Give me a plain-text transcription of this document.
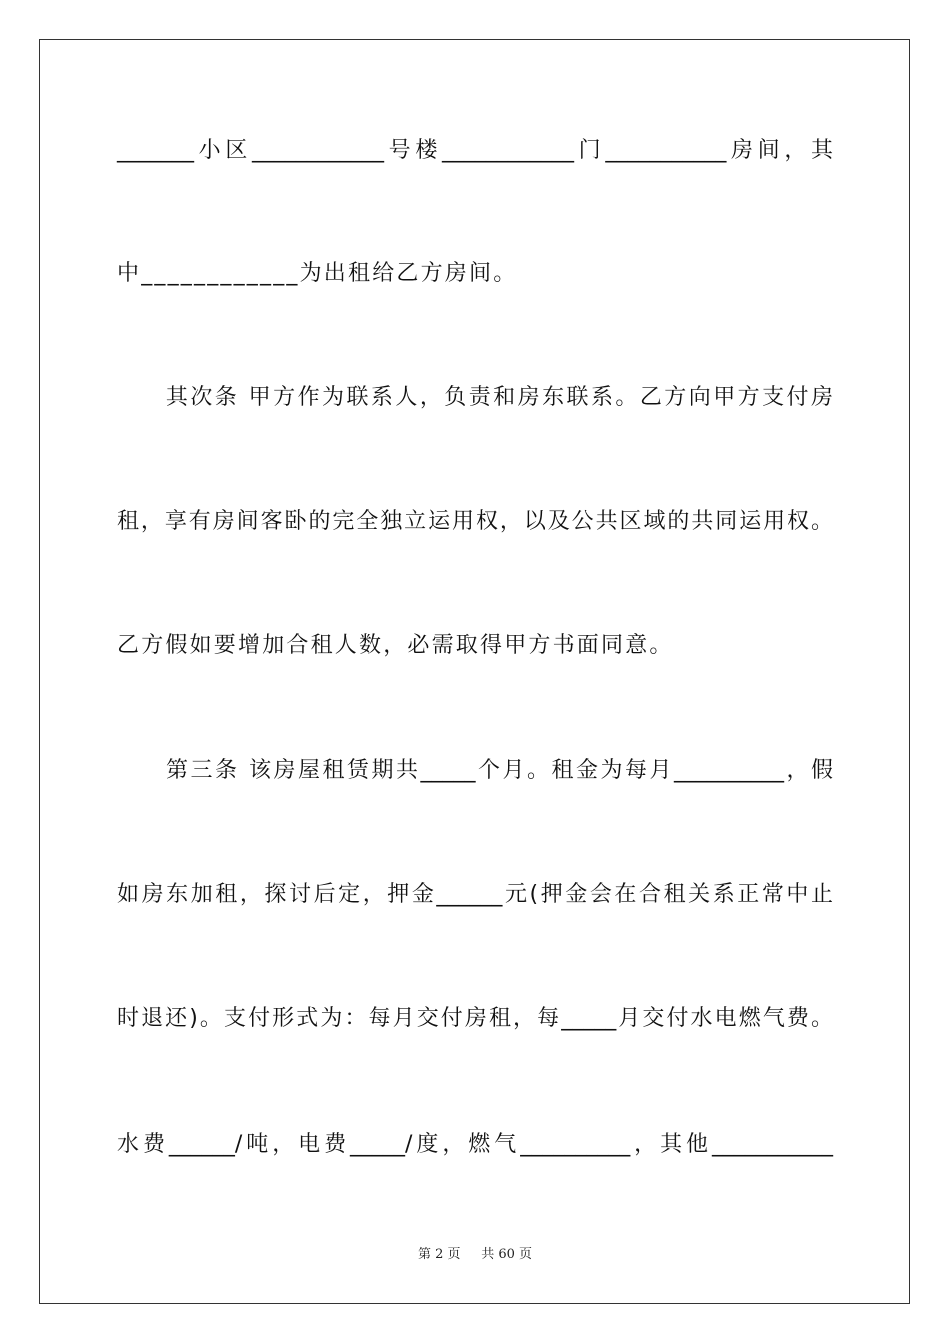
_______小区____________号楼____________门___________房间，其
中____________为出租给乙方房间。
　　其次条 甲方作为联系人，负责和房东联系。乙方向甲方支付房
租，享有房间客卧的完全独立运用权，以及公共区域的共同运用权。
乙方假如要增加合租人数，必需取得甲方书面同意。
　　第三条 该房屋租赁期共_____个月。租金为每月__________，假
如房东加租，探讨后定，押金______元(押金会在合租关系正常中止
时退还)。支付形式为：每月交付房租，每_____月交付水电燃气费。
水费______/吨，电费_____/度，燃气__________，其他___________
第 2 页 共 60 页
